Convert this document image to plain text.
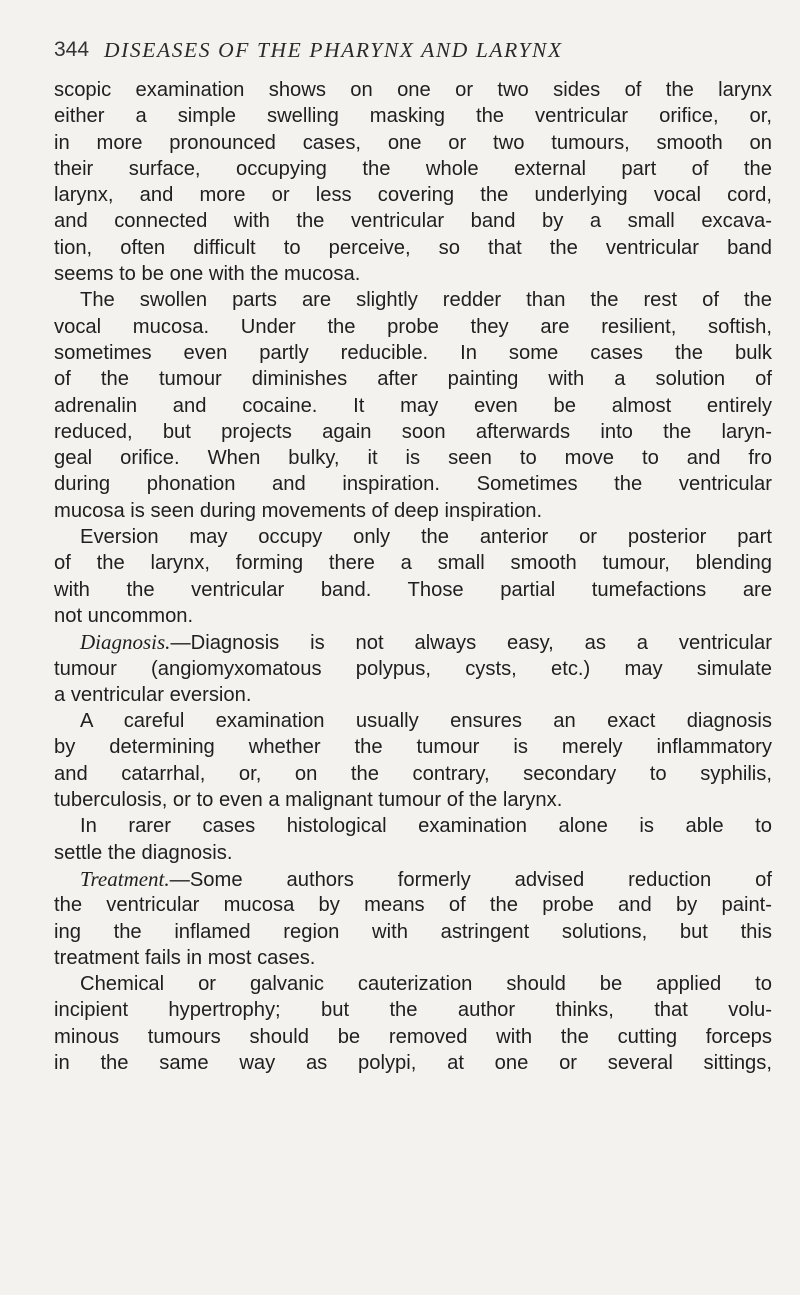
344 DISEASES OF THE PHARYNX AND LARYNX
scopic examination shows on one or two sides of the larynx
either a simple swelling masking the ventricular orifice, or,
in more pronounced cases, one or two tumours, smooth on
their surface, occupying the whole external part of the
larynx, and more or less covering the underlying vocal cord,
and connected with the ventricular band by a small excava-
tion, often difficult to perceive, so that the ventricular band
seems to be one with the mucosa.
The swollen parts are slightly redder than the rest of the
vocal mucosa. Under the probe they are resilient, softish,
sometimes even partly reducible. In some cases the bulk
of the tumour diminishes after painting with a solution of
adrenalin and cocaine. It may even be almost entirely
reduced, but projects again soon afterwards into the laryn-
geal orifice. When bulky, it is seen to move to and fro
during phonation and inspiration. Sometimes the ventricular
mucosa is seen during movements of deep inspiration.
Eversion may occupy only the anterior or posterior part
of the larynx, forming there a small smooth tumour, blending
with the ventricular band. Those partial tumefactions are
not uncommon.
Diagnosis.—Diagnosis is not always easy, as a ventricular
tumour (angiomyxomatous polypus, cysts, etc.) may simulate
a ventricular eversion.
A careful examination usually ensures an exact diagnosis
by determining whether the tumour is merely inflammatory
and catarrhal, or, on the contrary, secondary to syphilis,
tuberculosis, or to even a malignant tumour of the larynx.
In rarer cases histological examination alone is able to
settle the diagnosis.
Treatment.—Some authors formerly advised reduction of
the ventricular mucosa by means of the probe and by paint-
ing the inflamed region with astringent solutions, but this
treatment fails in most cases.
Chemical or galvanic cauterization should be applied to
incipient hypertrophy; but the author thinks, that volu-
minous tumours should be removed with the cutting forceps
in the same way as polypi, at one or several sittings,
